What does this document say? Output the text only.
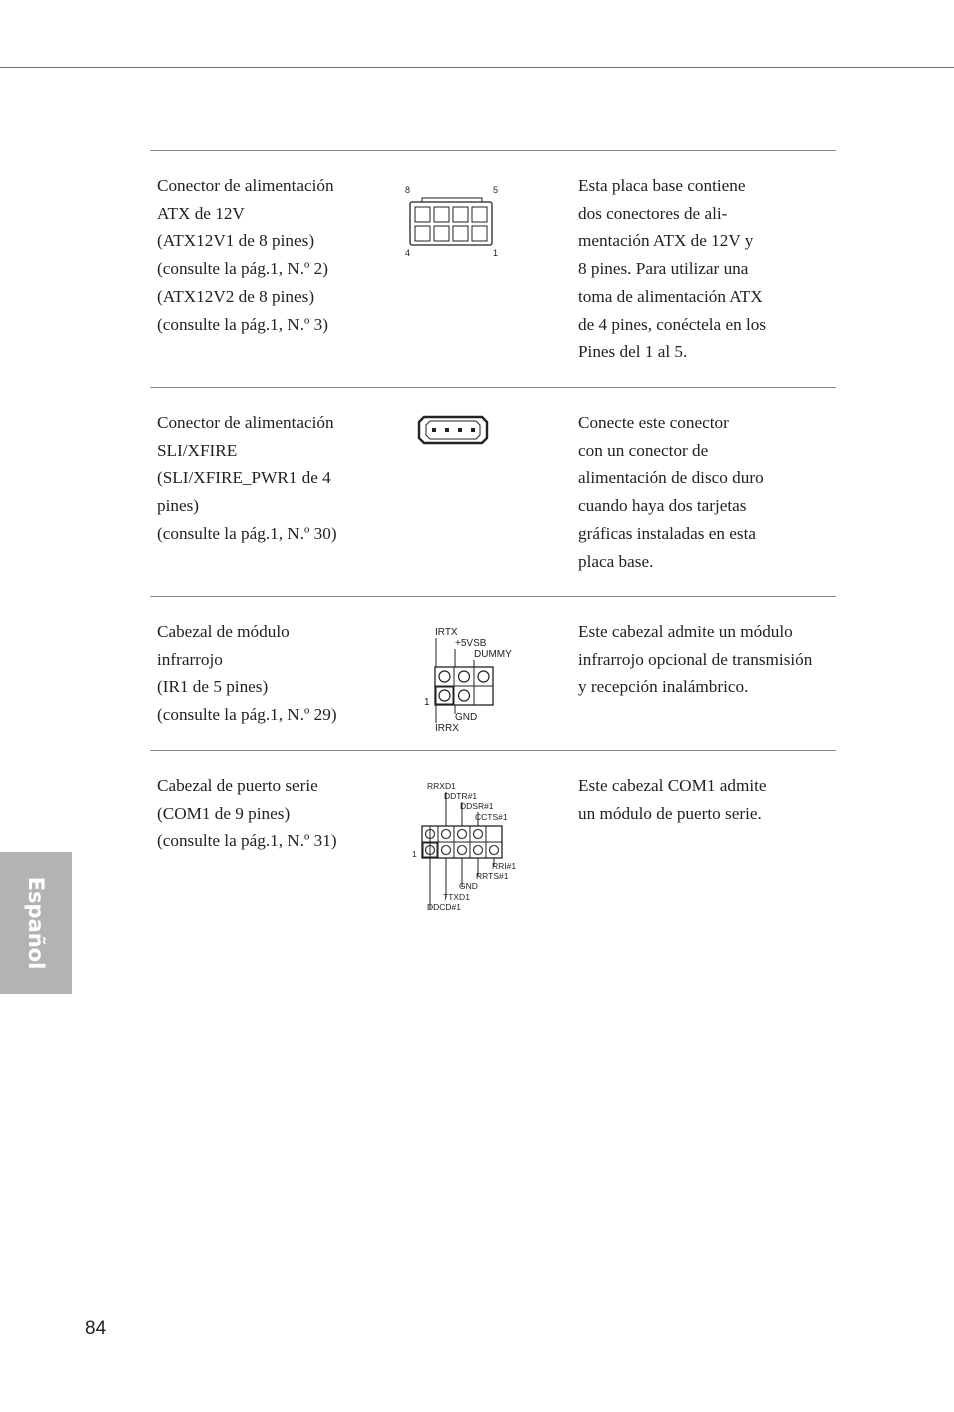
Conector de alimentación
ATX de 12V
(ATX12V1 de 8 pines)
(consulte la pág.1, N.º 2)
(ATX12V2 de 8 pines)
(consulte la pág.1, N.º 3)
8	5
4	1
Esta placa base contiene
dos conectores de ali-
mentación ATX de 12V y
8 pines. Para utilizar una
toma de alimentación ATX
de 4 pines, conéctela en los
Pines del 1 al 5.
Conector de alimentación
SLI/XFIRE
(SLI/XFIRE_PWR1 de 4
pines)
(consulte la pág.1, N.º 30)
Conecte este conector
con un conector de
alimentación de disco duro
cuando haya dos tarjetas
gráficas instaladas en esta
placa base.
Cabezal de módulo
infrarrojo
(IR1 de 5 pines)
(consulte la pág.1, N.º 29)
IRTX
+5VSB
DUMMY
1
GND
IRRX
Este cabezal admite un módulo
infrarrojo opcional de transmisión
y recepción inalámbrico.
Cabezal de puerto serie
(COM1 de 9 pines)
(consulte la pág.1, N.º 31)
RRXD1
DDTR#1
DDSR#1
CCTS#1
1
RRI#1
RRTS#1
GND
TTXD1
DDCD#1
Este cabezal COM1 admite
un módulo de puerto serie.
Español
84
